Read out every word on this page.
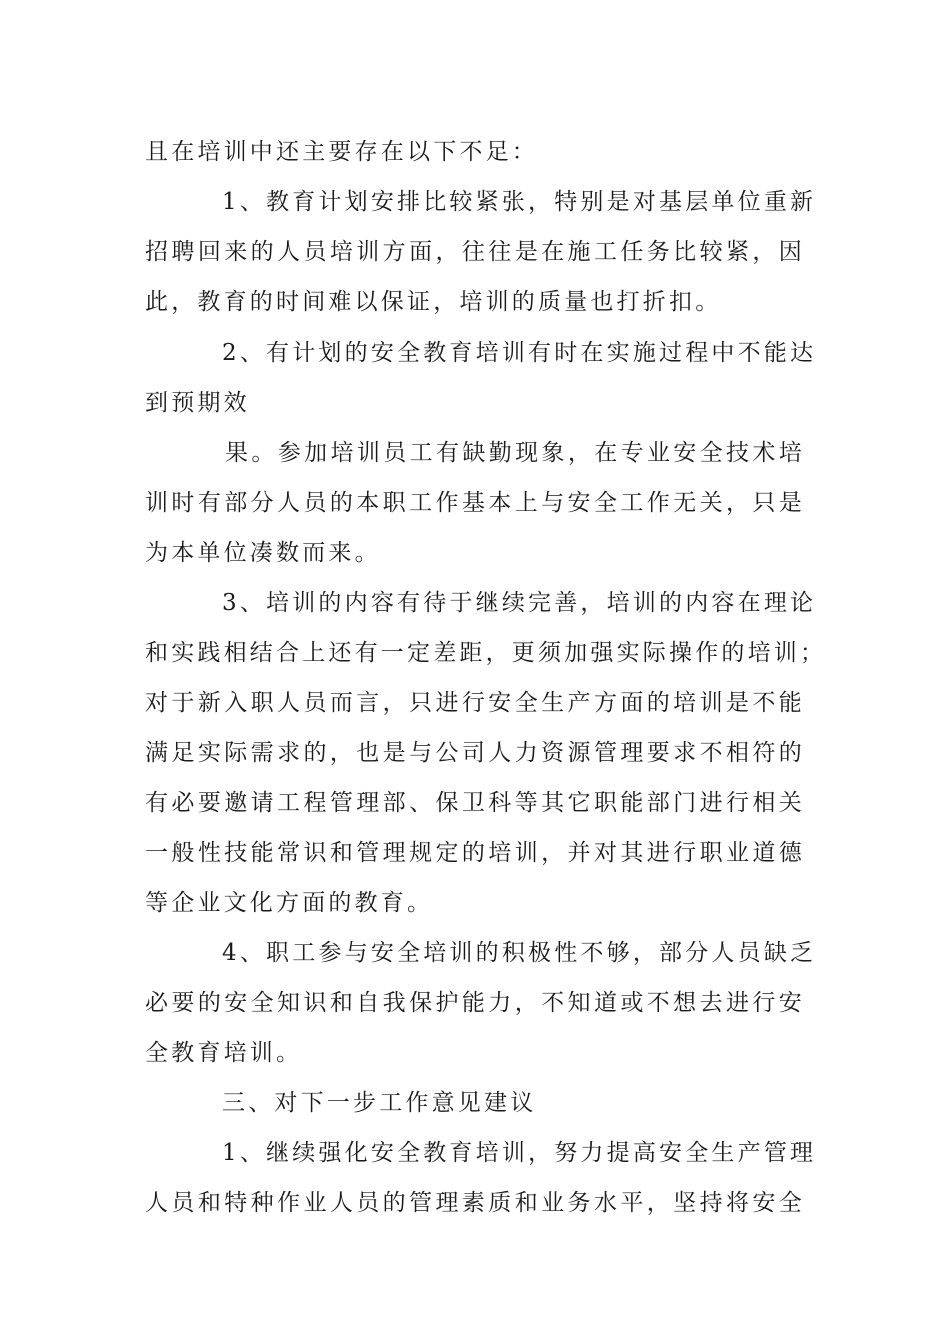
且在培训中还主要存在以下不足：
1、教育计划安排比较紧张，特别是对基层单位重新
招聘回来的人员培训方面，往往是在施工任务比较紧，因
此，教育的时间难以保证，培训的质量也打折扣。
2、有计划的安全教育培训有时在实施过程中不能达
到预期效
果。参加培训员工有缺勤现象，在专业安全技术培
训时有部分人员的本职工作基本上与安全工作无关，只是
为本单位凑数而来。
3、培训的内容有待于继续完善，培训的内容在理论
和实践相结合上还有一定差距，更须加强实际操作的培训；
对于新入职人员而言，只进行安全生产方面的培训是不能
满足实际需求的，也是与公司人力资源管理要求不相符的
有必要邀请工程管理部、保卫科等其它职能部门进行相关
一般性技能常识和管理规定的培训，并对其进行职业道德
等企业文化方面的教育。
4、职工参与安全培训的积极性不够，部分人员缺乏
必要的安全知识和自我保护能力，不知道或不想去进行安
全教育培训。
三、对下一步工作意见建议
1、继续强化安全教育培训，努力提高安全生产管理
人员和特种作业人员的管理素质和业务水平，坚持将安全
